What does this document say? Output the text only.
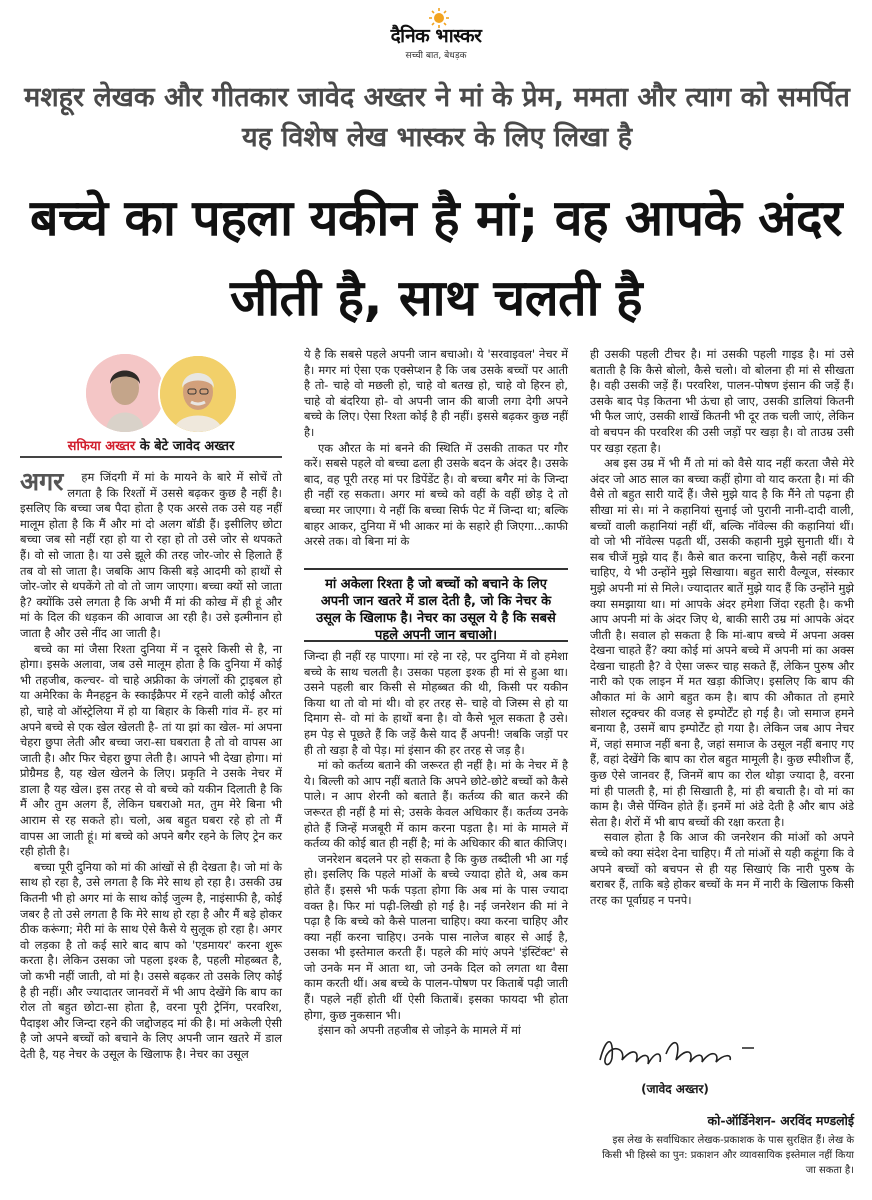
दैनिक भास्कर
सच्ची बात, बेधड़क
मशहूर लेखक और गीतकार जावेद अख्तर ने मां के प्रेम, ममता और त्याग को समर्पित यह विशेष लेख भास्कर के लिए लिखा है
बच्चे का पहला यकीन है मां; वह आपके अंदर जीती है, साथ चलती है
सफिया अख्तर के बेटे जावेद अख्तर

अगर हम जिंदगी में मां के मायने के बारे में सोचें तो लगता है कि रिश्तों में उससे बढ़कर कुछ है नहीं है। इसलिए कि बच्चा जब पैदा होता है एक अरसे तक उसे यह नहीं मालूम होता है कि मैं और मां दो अलग बॉडी हैं। इसीलिए छोटा बच्चा जब सो नहीं रहा हो या रो रहा हो तो उसे जोर से थपकते हैं। वो सो जाता है। या उसे झूले की तरह जोर-जोर से हिलाते हैं तब वो सो जाता है। जबकि आप किसी बड़े आदमी को हाथों से जोर-जोर से थपकेंगे तो वो तो जाग जाएगा। बच्चा क्यों सो जाता है? क्योंकि उसे लगता है कि अभी मैं मां की कोख में ही हूं और मां के दिल की धड़कन की आवाज आ रही है। उसे इत्मीनान हो जाता है और उसे नींद आ जाती है।

बच्चे का मां जैसा रिश्ता दुनिया में न दूसरे किसी से है, ना होगा। इसके अलावा, जब उसे मालूम होता है कि दुनिया में कोई भी तहजीब, कल्चर- वो चाहे अफ्रीका के जंगलों की ट्राइबल हो या अमेरिका के मैनहट्टन के स्काईक्रैपर में रहने वाली कोई औरत हो, चाहे वो ऑस्ट्रेलिया में हो या बिहार के किसी गांव में- हर मां अपने बच्चे से एक खेल खेलती है- तां या झां का खेल- मां अपना चेहरा छुपा लेती और बच्चा जरा-सा घबराता है तो वो वापस आ जाती है। और फिर चेहरा छुपा लेती है। आपने भी देखा होगा। मां प्रोग्रैमड है, यह खेल खेलने के लिए। प्रकृति ने उसके नेचर में डाला है यह खेल। इस तरह से वो बच्चे को यकीन दिलाती है कि मैं और तुम अलग हैं, लेकिन घबराओ मत, तुम मेरे बिना भी आराम से रह सकते हो। चलो, अब बहुत घबरा रहे हो तो मैं वापस आ जाती हूं। मां बच्चे को अपने बगैर रहने के लिए ट्रेन कर रही होती है।

बच्चा पूरी दुनिया को मां की आंखों से ही देखता है। जो मां के साथ हो रहा है, उसे लगता है कि मेरे साथ हो रहा है। उसकी उम्र कितनी भी हो अगर मां के साथ कोई जुल्म है, नाइंसाफी है, कोई जबर है तो उसे लगता है कि मेरे साथ हो रहा है और मैं बड़े होकर ठीक करूंगा; मेरी मां के साथ ऐसे कैसे ये सुलूक हो रहा है। अगर वो लड़का है तो कई सारे बाद बाप को 'एडमायर' करना शुरू करता है। लेकिन उसका जो पहला इश्क है, पहली मोहब्बत है, जो कभी नहीं जाती, वो मां है। उससे बढ़कर तो उसके लिए कोई है ही नहीं। और ज्यादातर जानवरों में भी आप देखेंगे कि बाप का रोल तो बहुत छोटा-सा होता है, वरना पूरी ट्रेनिंग, परवरिश, पैदाइश और जिन्दा रहने की जद्दोजहद मां की है। मां अकेली ऐसी है जो अपने बच्चों को बचाने के लिए अपनी जान खतरे में डाल देती है, यह नेचर के उसूल के खिलाफ है। नेचर का उसूल

ये है कि सबसे पहले अपनी जान बचाओ। ये 'सरवाइवल' नेचर में है। मगर मां ऐसा एक एक्सेप्शन है कि जब उसके बच्चों पर आती है तो- चाहे वो मछली हो, चाहे वो बतख हो, चाहे वो हिरन हो, चाहे वो बंदरिया हो- वो अपनी जान की बाजी लगा देगी अपने बच्चे के लिए। ऐसा रिश्ता कोई है ही नहीं। इससे बढ़कर कुछ नहीं है।

एक औरत के मां बनने की स्थिति में उसकी ताकत पर गौर करें। सबसे पहले वो बच्चा ढला ही उसके बदन के अंदर है। उसके बाद, वह पूरी तरह मां पर डिपेंडेंट है। वो बच्चा बगैर मां के जिन्दा ही नहीं रह सकता। अगर मां बच्चे को वहीं के वहीं छोड़ दे तो बच्चा मर जाएगा। ये नहीं कि बच्चा सिर्फ पेट में जिन्दा था; बल्कि बाहर आकर, दुनिया में भी आकर मां के सहारे ही जिएगा...काफी अरसे तक। वो बिना मां के

मां अकेला रिश्ता है जो बच्चों को बचाने के लिए अपनी जान खतरे में डाल देती है, जो कि नेचर के उसूल के खिलाफ है। नेचर का उसूल ये है कि सबसे पहले अपनी जान बचाओ।

जिन्दा ही नहीं रह पाएगा। मां रहे ना रहे, पर दुनिया में वो हमेशा बच्चे के साथ चलती है। उसका पहला इश्क ही मां से हुआ था। उसने पहली बार किसी से मोहब्बत की थी, किसी पर यकीन किया था तो वो मां थी। वो हर तरह से- चाहे वो जिस्म से हो या दिमाग से- वो मां के हाथों बना है। वो कैसे भूल सकता है उसे। हम पेड़ से पूछते हैं कि जड़ें कैसे याद हैं अपनी! जबकि जड़ों पर ही तो खड़ा है वो पेड़। मां इंसान की हर तरह से जड़ है।

मां को कर्तव्य बताने की जरूरत ही नहीं है। मां के नेचर में है ये। बिल्ली को आप नहीं बताते कि अपने छोटे-छोटे बच्चों को कैसे पाले। न आप शेरनी को बताते हैं। कर्तव्य की बात करने की जरूरत ही नहीं है मां से; उसके केवल अधिकार हैं। कर्तव्य उनके होते हैं जिन्हें मजबूरी में काम करना पड़ता है। मां के मामले में कर्तव्य की कोई बात ही नहीं है; मां के अधिकार की बात कीजिए।

जनरेशन बदलने पर हो सकता है कि कुछ तब्दीली भी आ गई हो। इसलिए कि पहले मांओं के बच्चे ज्यादा होते थे, अब कम होते हैं। इससे भी फर्क पड़ता होगा कि अब मां के पास ज्यादा वक्त है। फिर मां पढ़ी-लिखी हो गई है। नई जनरेशन की मां ने पढ़ा है कि बच्चे को कैसे पालना चाहिए। क्या करना चाहिए और क्या नहीं करना चाहिए। उनके पास नालेज बाहर से आई है, उसका भी इस्तेमाल करती हैं। पहले की मांएं अपने 'इंस्टिंक्ट' से जो उनके मन में आता था, जो उनके दिल को लगता था वैसा काम करती थीं। अब बच्चे के पालन-पोषण पर किताबें पढ़ी जाती हैं। पहले नहीं होती थीं ऐसी किताबें। इसका फायदा भी होता होगा, कुछ नुकसान भी।

इंसान को अपनी तहजीब से जोड़ने के मामले में मां

ही उसकी पहली टीचर है। मां उसकी पहली गाइड है। मां उसे बताती है कि कैसे बोलो, कैसे चलो। वो बोलना ही मां से सीखता है। वही उसकी जड़ें हैं। परवरिश, पालन-पोषण इंसान की जड़ें हैं। उसके बाद पेड़ कितना भी ऊंचा हो जाए, उसकी डालियां कितनी भी फैल जाएं, उसकी शाखें कितनी भी दूर तक चली जाएं, लेकिन वो बचपन की परवरिश की उसी जड़ों पर खड़ा है। वो ताउम्र उसी पर खड़ा रहता है।

अब इस उम्र में भी मैं तो मां को वैसे याद नहीं करता जैसे मेरे अंदर जो आठ साल का बच्चा कहीं होगा वो याद करता है। मां की वैसे तो बहुत सारी यादें हैं। जैसे मुझे याद है कि मैंने तो पढ़ना ही सीखा मां से। मां ने कहानियां सुनाई जो पुरानी नानी-दादी वाली, बच्चों वाली कहानियां नहीं थीं, बल्कि नॉवेल्स की कहानियां थीं। वो जो भी नॉवेल्स पढ़ती थीं, उसकी कहानी मुझे सुनाती थीं। ये सब चीजें मुझे याद हैं। कैसे बात करना चाहिए, कैसे नहीं करना चाहिए, ये भी उन्होंने मुझे सिखाया। बहुत सारी वैल्यूज, संस्कार मुझे अपनी मां से मिले। ज्यादातर बातें मुझे याद हैं कि उन्होंने मुझे क्या समझाया था। मां आपके अंदर हमेशा जिंदा रहती है। कभी आप अपनी मां के अंदर जिए थे, बाकी सारी उम्र मां आपके अंदर जीती है। सवाल हो सकता है कि मां-बाप बच्चे में अपना अक्स देखना चाहते हैं? क्या कोई मां अपने बच्चे में अपनी मां का अक्स देखना चाहती है? वे ऐसा जरूर चाह सकते हैं, लेकिन पुरुष और नारी को एक लाइन में मत खड़ा कीजिए। इसलिए कि बाप की औकात मां के आगे बहुत कम है। बाप की औकात तो हमारे सोशल स्ट्रक्चर की वजह से इम्पोर्टेंट हो गई है। जो समाज हमने बनाया है, उसमें बाप इम्पोर्टेंट हो गया है। लेकिन जब आप नेचर में, जहां समाज नहीं बना है, जहां समाज के उसूल नहीं बनाए गए हैं, वहां देखेंगे कि बाप का रोल बहुत मामूली है। कुछ स्पीशीज हैं, कुछ ऐसे जानवर हैं, जिनमें बाप का रोल थोड़ा ज्यादा है, वरना मां ही पालती है, मां ही सिखाती है, मां ही बचाती है। वो मां का काम है। जैसे पेंग्विन होते हैं। इनमें मां अंडे देती है और बाप अंडे सेता है। शेरों में भी बाप बच्चों की रक्षा करता है।

सवाल होता है कि आज की जनरेशन की मांओं को अपने बच्चे को क्या संदेश देना चाहिए। मैं तो मांओं से यही कहूंगा कि वे अपने बच्चों को बचपन से ही यह सिखाएं कि नारी पुरुष के बराबर हैं, ताकि बड़े होकर बच्चों के मन में नारी के खिलाफ किसी तरह का पूर्वाग्रह न पनपे।

(जावेद अख्तर)
को-ऑर्डिनेशन- अरविंद मण्डलोई
इस लेख के सर्वाधिकार लेखक-प्रकाशक के पास सुरक्षित हैं। लेख के किसी भी हिस्से का पुन: प्रकाशन और व्यावसायिक इस्तेमाल नहीं किया जा सकता है।
